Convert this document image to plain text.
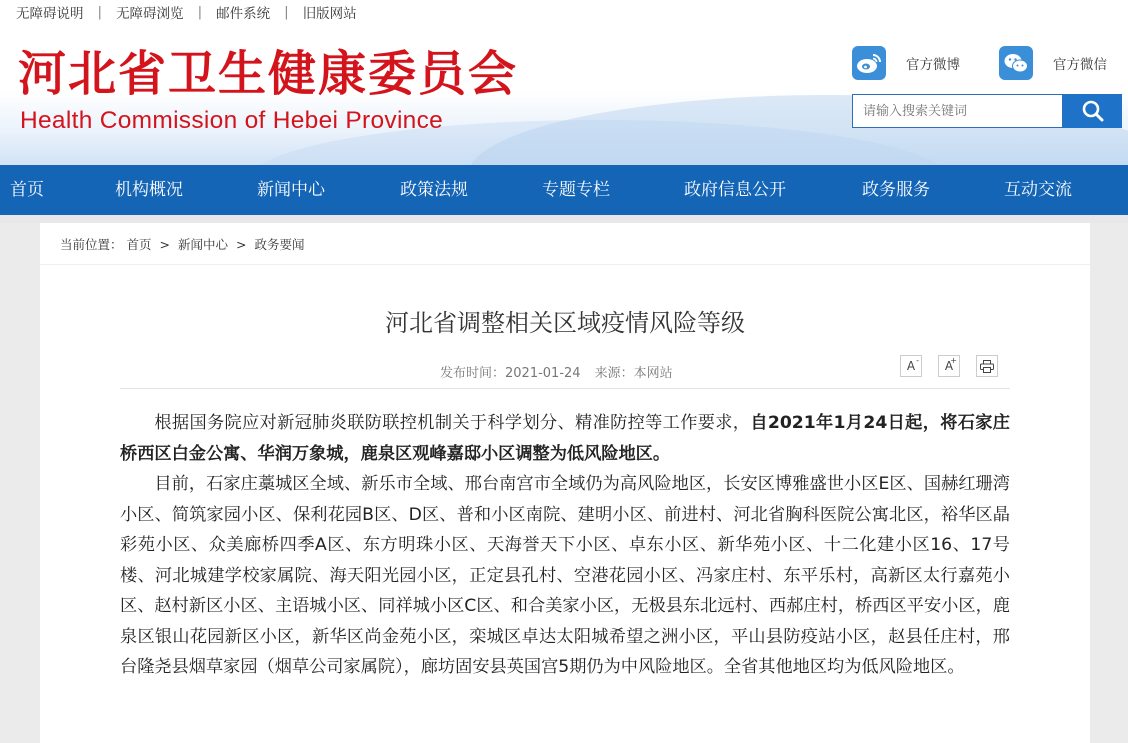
无障碍说明 | 无障碍浏览 | 邮件系统 | 旧版网站
河北省卫生健康委员会
Health Commission of Hebei Province
官方微博	官方微信
请输入搜索关键词
首页	机构概况	新闻中心	政策法规	专题专栏	政府信息公开	政务服务	互动交流
当前位置： 首页 > 新闻中心 > 政务要闻
河北省调整相关区域疫情风险等级
发布时间：2021-01-24 来源：本网站	A- A
+

根据国务院应对新冠肺炎联防联控机制关于科学划分、精准防控等工作要求，自2021年1月24日起，将石家庄桥西区白金公寓、华润万象城，鹿泉区观峰嘉邸小区调整为低风险地区。

目前，石家庄藁城区全域、新乐市全域、邢台南宫市全域仍为高风险地区，长安区博雅盛世小区E区、国赫红珊湾小区、简筑家园小区、保利花园B区、D区、普和小区南院、建明小区、前进村、河北省胸科医院公寓北区，裕华区晶彩苑小区、众美廊桥四季A区、东方明珠小区、天海誉天下小区、卓东小区、新华苑小区、十二化建小区16、17号楼、河北城建学校家属院、海天阳光园小区，正定县孔村、空港花园小区、冯家庄村、东平乐村，高新区太行嘉苑小区、赵村新区小区、主语城小区、同祥城小区C区、和合美家小区，无极县东北远村、西郝庄村，桥西区平安小区，鹿泉区银山花园新区小区，新华区尚金苑小区，栾城区卓达太阳城希望之洲小区，平山县防疫站小区，赵县任庄村，邢台隆尧县烟草家园（烟草公司家属院），廊坊固安县英国宫5期仍为中风险地区。全省其他地区均为低风险地区。
